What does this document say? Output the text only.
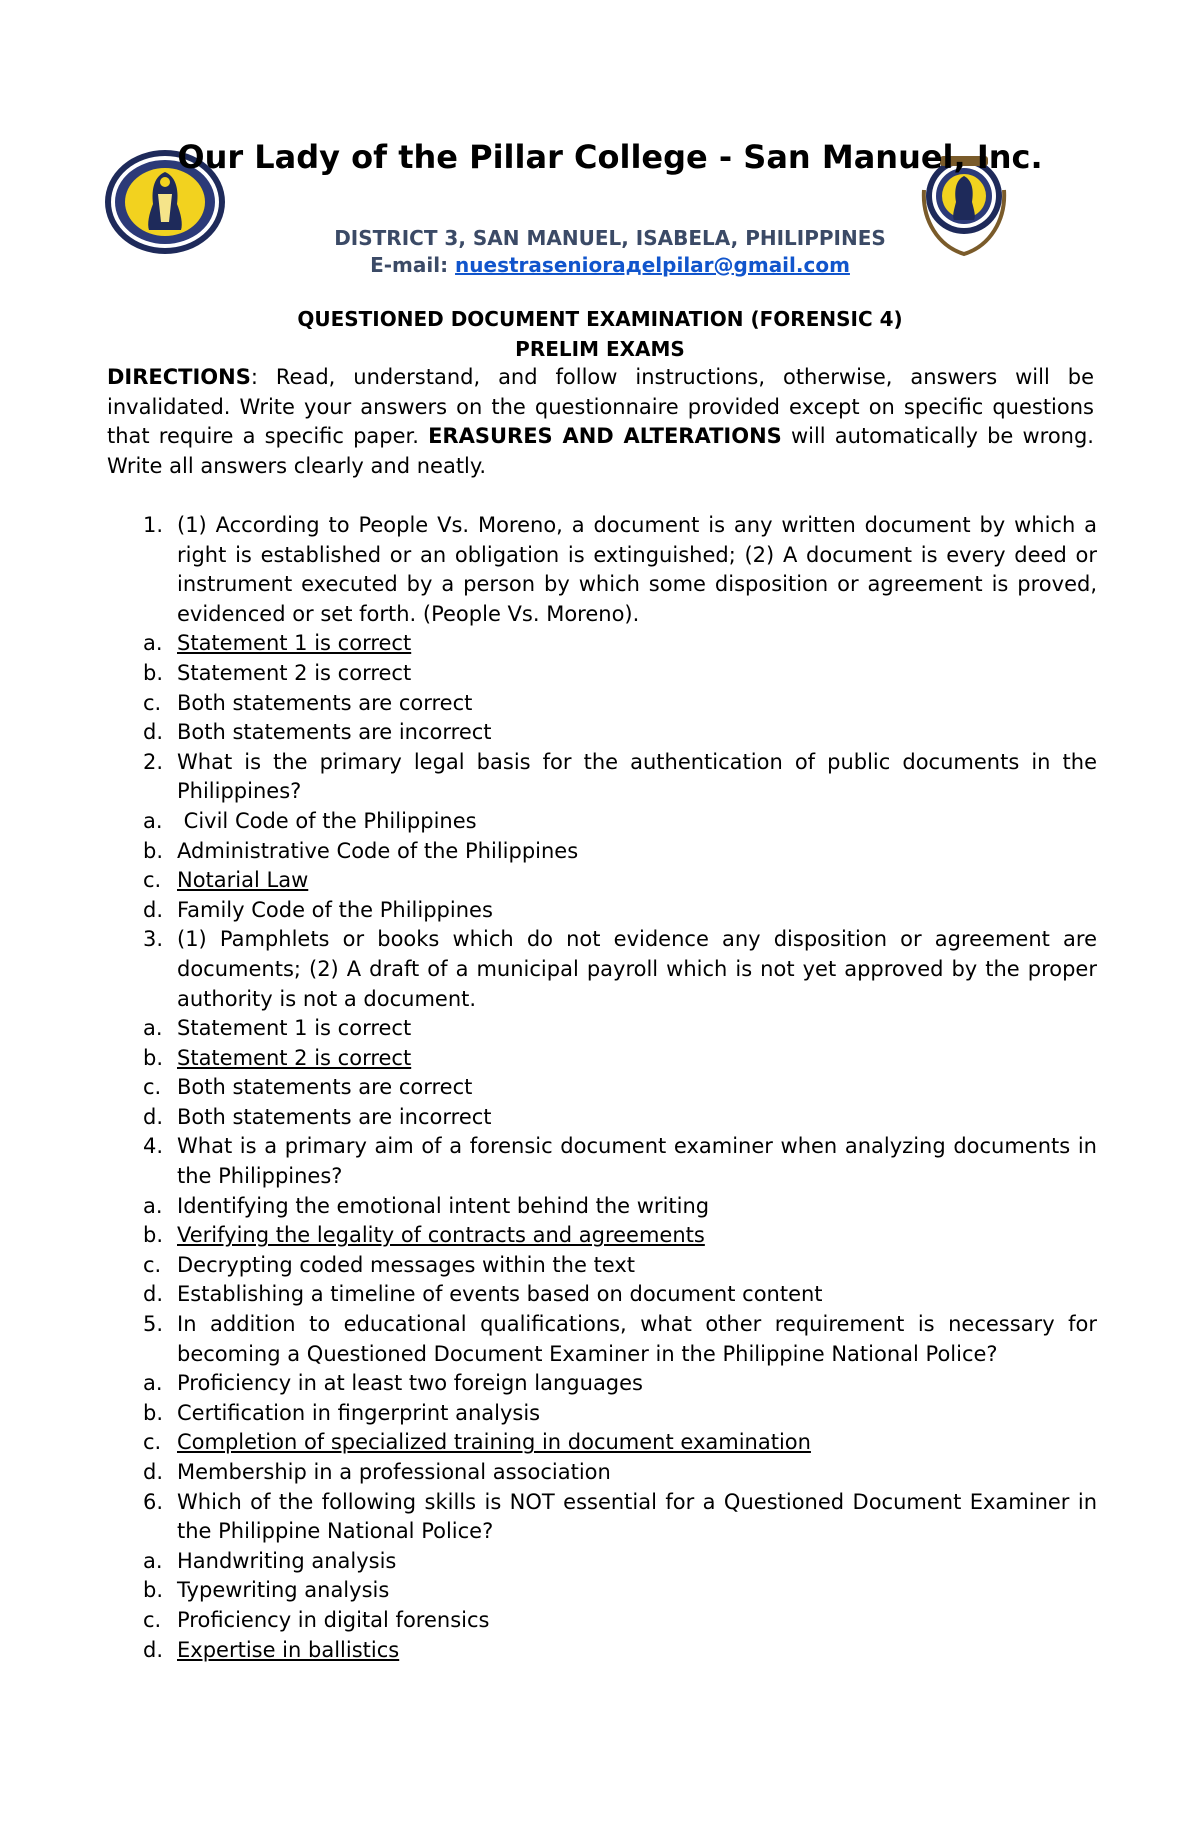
Our Lady of the Pillar College - San Manuel, Inc.
DISTRICT 3, SAN MANUEL, ISABELA, PHILIPPINES
E-mail: nuestraseniorадelpilar@gmail.com
QUESTIONED DOCUMENT EXAMINATION (FORENSIC 4)
PRELIM EXAMS
DIRECTIONS: Read, understand, and follow instructions, otherwise, answers will be invalidated. Write your answers on the questionnaire provided except on specific questions that require a specific paper. ERASURES AND ALTERATIONS will automatically be wrong. Write all answers clearly and neatly.
1. (1) According to People Vs. Moreno, a document is any written document by which a right is established or an obligation is extinguished; (2) A document is every deed or instrument executed by a person by which some disposition or agreement is proved, evidenced or set forth. (People Vs. Moreno).
a. Statement 1 is correct
b. Statement 2 is correct
c. Both statements are correct
d. Both statements are incorrect
2. What is the primary legal basis for the authentication of public documents in the Philippines?
a. Civil Code of the Philippines
b. Administrative Code of the Philippines
c. Notarial Law
d. Family Code of the Philippines
3. (1) Pamphlets or books which do not evidence any disposition or agreement are documents; (2) A draft of a municipal payroll which is not yet approved by the proper authority is not a document.
a. Statement 1 is correct
b. Statement 2 is correct
c. Both statements are correct
d. Both statements are incorrect
4. What is a primary aim of a forensic document examiner when analyzing documents in the Philippines?
a. Identifying the emotional intent behind the writing
b. Verifying the legality of contracts and agreements
c. Decrypting coded messages within the text
d. Establishing a timeline of events based on document content
5. In addition to educational qualifications, what other requirement is necessary for becoming a Questioned Document Examiner in the Philippine National Police?
a. Proficiency in at least two foreign languages
b. Certification in fingerprint analysis
c. Completion of specialized training in document examination
d. Membership in a professional association
6. Which of the following skills is NOT essential for a Questioned Document Examiner in the Philippine National Police?
a. Handwriting analysis
b. Typewriting analysis
c. Proficiency in digital forensics
d. Expertise in ballistics
